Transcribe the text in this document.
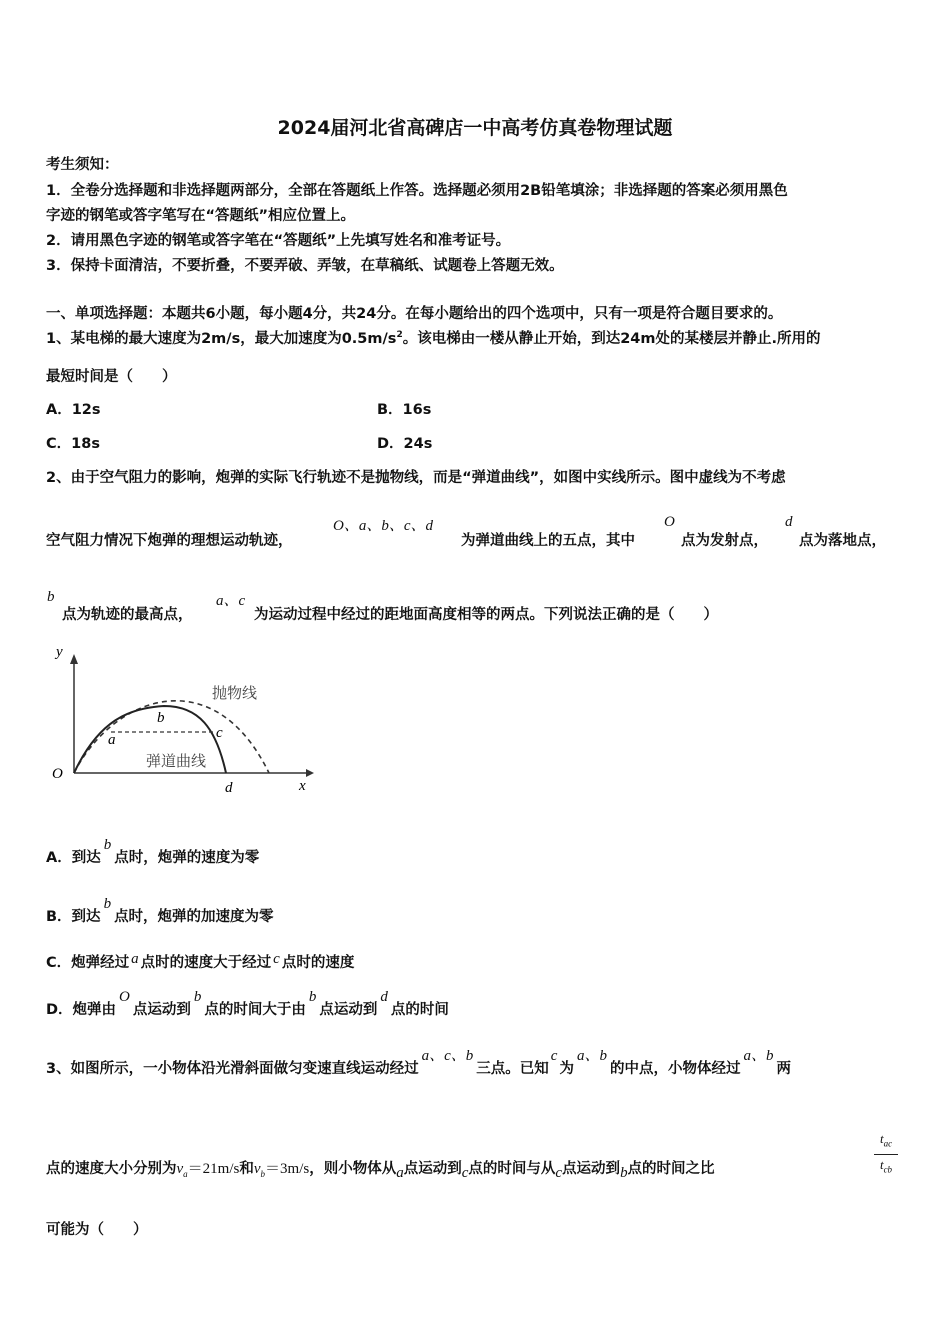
2024届河北省高碑店一中高考仿真卷物理试题
考生须知：
1．全卷分选择题和非选择题两部分，全部在答题纸上作答。选择题必须用2B铅笔填涂；非选择题的答案必须用黑色
字迹的钢笔或答字笔写在“答题纸”相应位置上。
2．请用黑色字迹的钢笔或答字笔在“答题纸”上先填写姓名和准考证号。
3．保持卡面清洁，不要折叠，不要弄破、弄皱，在草稿纸、试题卷上答题无效。
一、单项选择题：本题共6小题，每小题4分，共24分。在每小题给出的四个选项中，只有一项是符合题目要求的。
1、某电梯的最大速度为2m/s，最大加速度为$0.5m/s^2$。该电梯由一楼从静止开始，到达24m处的某楼层并静止.所用的
最短时间是（　　）
A．12s	B．16s
C．18s	D．24s
2、由于空气阻力的影响，炮弹的实际飞行轨迹不是抛物线，而是“弹道曲线”，如图中实线所示。图中虚线为不考虑
空气阻力情况下炮弹的理想运动轨迹，
O、a、b、c、d
为弹道曲线上的五点，其中
O
点为发射点，
d
点为落地点，
b
点为轨迹的最高点，
a、c
为运动过程中经过的距地面高度相等的两点。下列说法正确的是（　　）
y
x
O
抛物线
弹道曲线
a
b
c
d
A．到达b点时，炮弹的速度为零
B．到达b点时，炮弹的加速度为零
C．炮弹经过 a 点时的速度大于经过 c 点时的速度
D．炮弹由O点运动到b点的时间大于由b点运动到d点的时间
3、如图所示，一小物体沿光滑斜面做匀变速直线运动经过a、c、b三点。已知c为a、b的中点，小物体经过a、b两
点的速度大小分别为$v_a=21m/s$和$v_b=3m/s$，则小物体从a点运动到c点的时间与从c点运动到b点的时间之比
$t_{ac}$
$t_{cb}$
可能为（　　）
